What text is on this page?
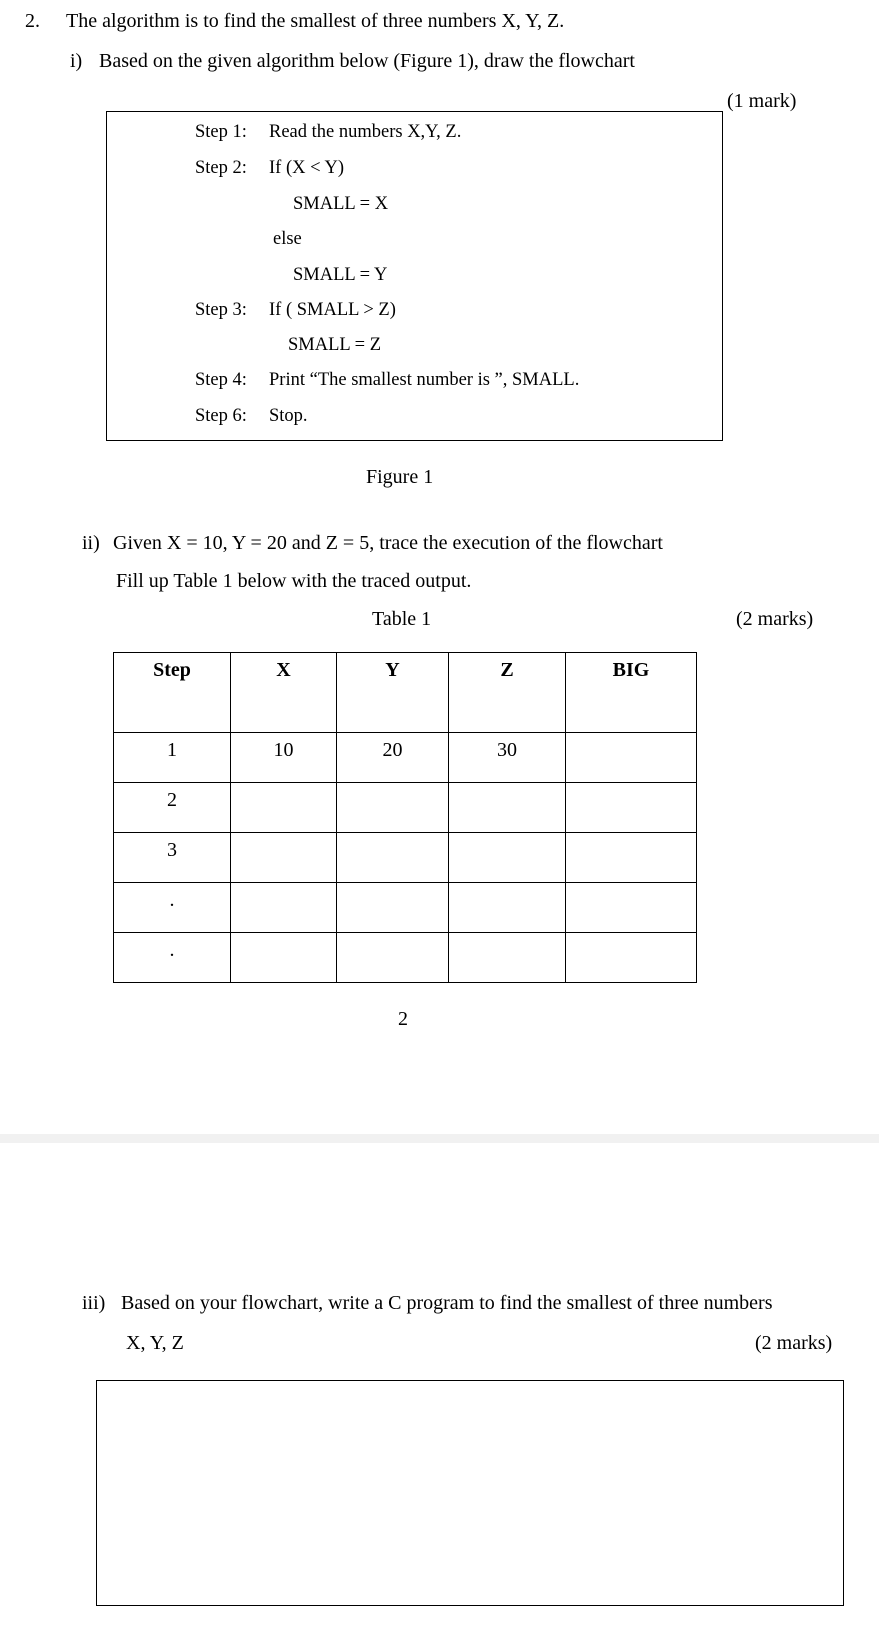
2. The algorithm is to find the smallest of three numbers X, Y, Z.
i) Based on the given algorithm below (Figure 1), draw the flowchart
(1 mark)
Step 1: Read the numbers X,Y, Z.
Step 2: If (X < Y)
SMALL = X
else
SMALL = Y
Step 3: If ( SMALL > Z)
SMALL = Z
Step 4: Print “The smallest number is ”, SMALL.
Step 6: Stop.
Figure 1
ii) Given X = 10, Y = 20 and Z = 5, trace the execution of the flowchart
Fill up Table 1 below with the traced output.
Table 1	(2 marks)
Step	X	Y	Z	BIG
1	10	20	30	
2				
3				
.				
.				
2
iii) Based on your flowchart, write a C program to find the smallest of three numbers
X, Y, Z	(2 marks)
